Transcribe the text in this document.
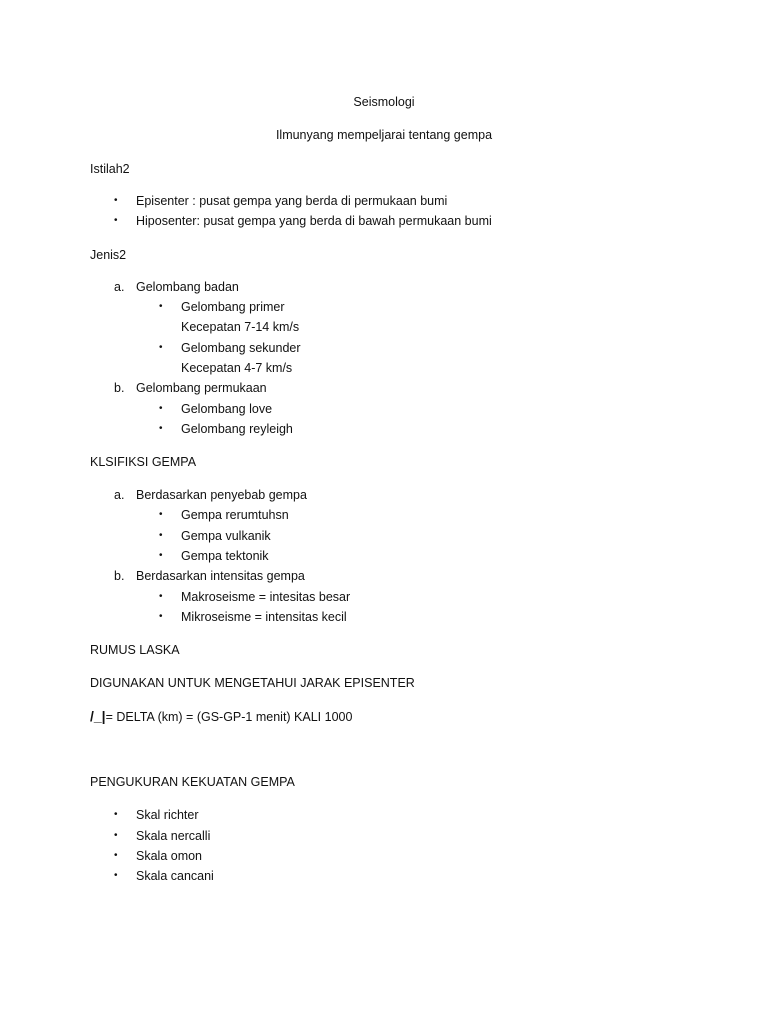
Seismologi
Ilmunyang mempeljarai tentang gempa
Istilah2
• Episenter : pusat gempa yang berda di permukaan bumi
• Hiposenter: pusat gempa yang berda di bawah permukaan bumi
Jenis2
a. Gelombang badan
• Gelombang primer
Kecepatan 7-14 km/s
• Gelombang sekunder
Kecepatan 4-7 km/s
b. Gelombang permukaan
• Gelombang love
• Gelombang reyleigh
KLSIFIKSI GEMPA
a. Berdasarkan penyebab gempa
• Gempa rerumtuhsn
• Gempa vulkanik
• Gempa tektonik
b. Berdasarkan intensitas gempa
• Makroseisme = intesitas besar
• Mikroseisme = intensitas kecil
RUMUS LASKA
DIGUNAKAN UNTUK MENGETAHUI JARAK EPISENTER
/_|= DELTA (km) = (GS-GP-1 menit) KALI 1000
PENGUKURAN KEKUATAN GEMPA
• Skal richter
• Skala nercalli
• Skala omon
• Skala cancani
